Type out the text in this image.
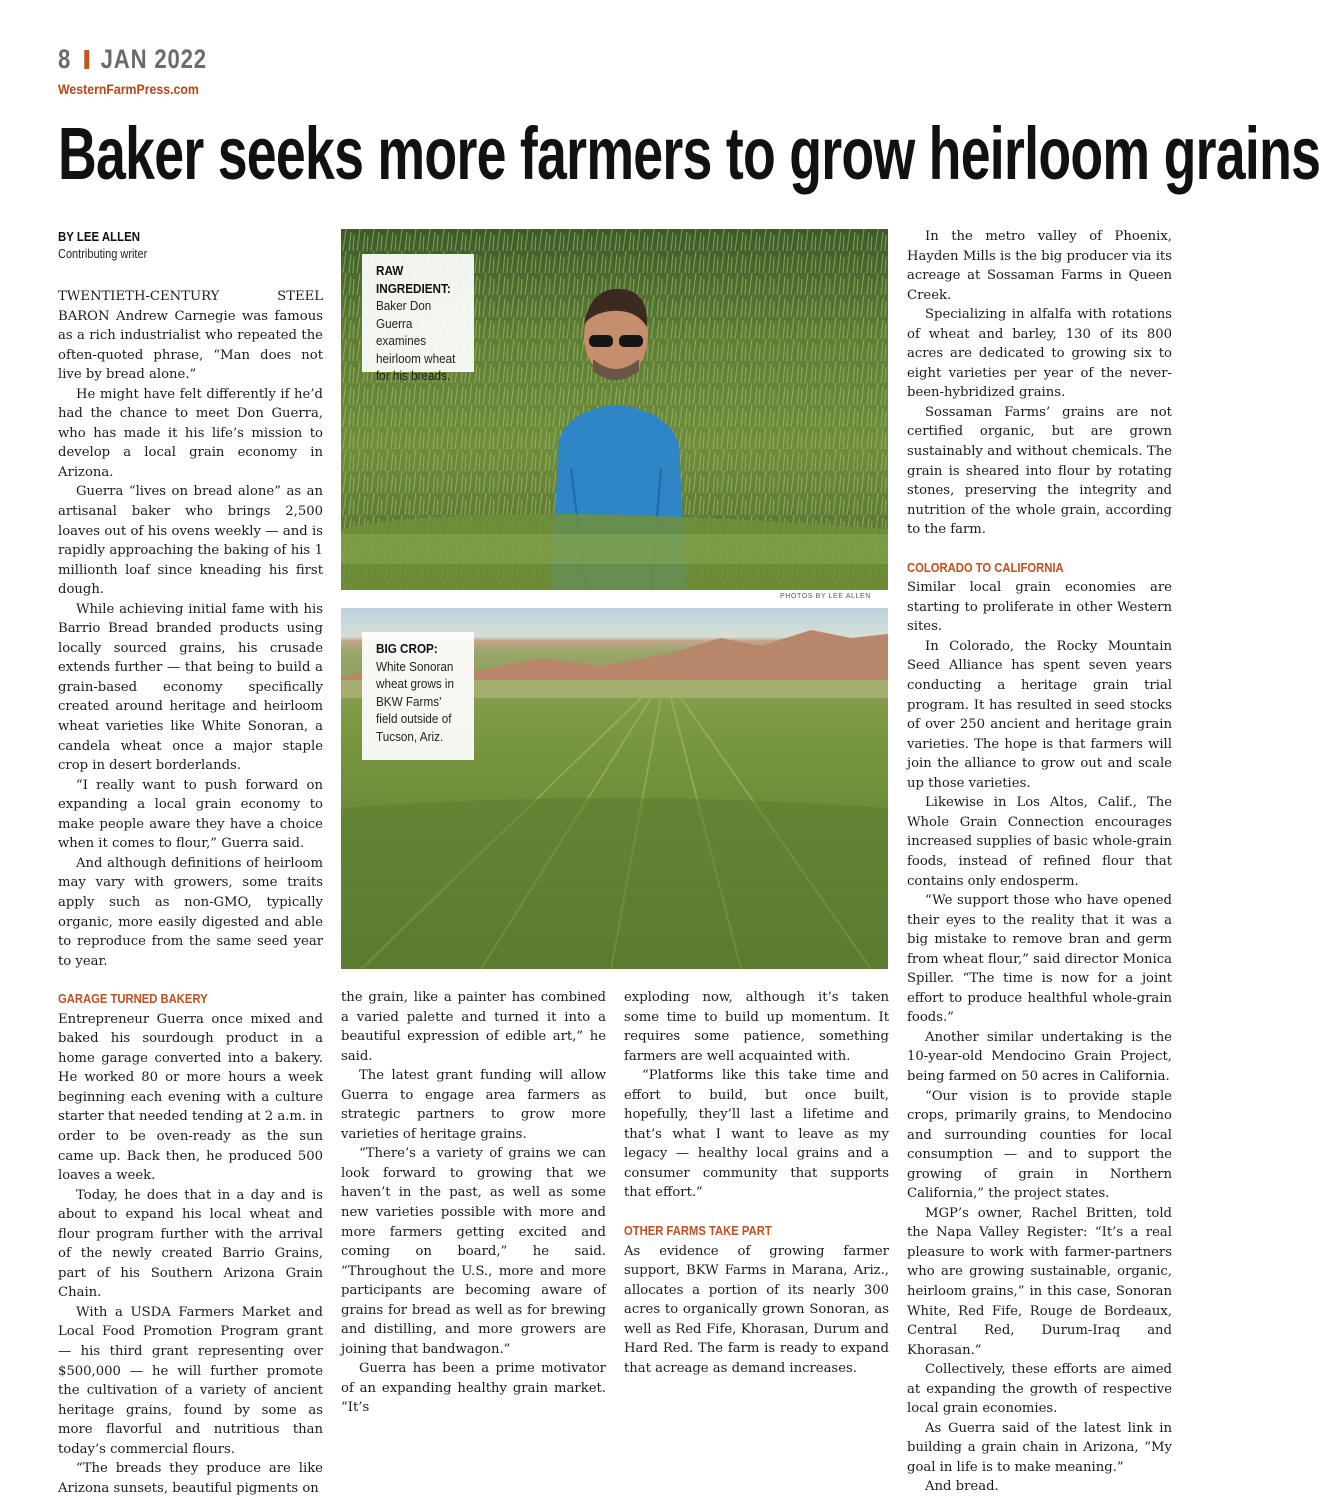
8 JAN 2022
WesternFarmPress.com
Baker seeks more farmers to grow heirloom grains
BY LEE ALLEN
Contributing writer

TWENTIETH-CENTURY STEEL BARON Andrew Carnegie was famous as a rich industrialist who repeated the often-quoted phrase, “Man does not live by bread alone.”

He might have felt differently if he’d had the chance to meet Don Guerra, who has made it his life’s mission to develop a local grain economy in Arizona.

Guerra “lives on bread alone” as an artisanal baker who brings 2,500 loaves out of his ovens weekly — and is rapidly approaching the baking of his 1 millionth loaf since kneading his first dough.

While achieving initial fame with his Barrio Bread branded products using locally sourced grains, his crusade extends further — that being to build a grain-based economy specifically created around heritage and heirloom wheat varieties like White Sonoran, a candela wheat once a major staple crop in desert borderlands.

“I really want to push forward on expanding a local grain economy to make people aware they have a choice when it comes to flour,” Guerra said.

And although definitions of heirloom may vary with growers, some traits apply such as non-GMO, typically organic, more easily digested and able to reproduce from the same seed year to year.

GARAGE TURNED BAKERY

Entrepreneur Guerra once mixed and baked his sourdough product in a home garage converted into a bakery. He worked 80 or more hours a week beginning each evening with a culture starter that needed tending at 2 a.m. in order to be oven-ready as the sun came up. Back then, he produced 500 loaves a week.

Today, he does that in a day and is about to expand his local wheat and flour program further with the arrival of the newly created Barrio Grains, part of his Southern Arizona Grain Chain.

With a USDA Farmers Market and Local Food Promotion Program grant — his third grant representing over $500,000 — he will further promote the cultivation of a variety of ancient heritage grains, found by some as more flavorful and nutritious than today’s commercial flours.

“The breads they produce are like Arizona sunsets, beautiful pigments on

RAW INGREDIENT:
Baker Don Guerra examines heirloom wheat for his breads.
PHOTOS BY LEE ALLEN
BIG CROP:
White Sonoran wheat grows in BKW Farms’ field outside of Tucson, Ariz.

the grain, like a painter has combined a varied palette and turned it into a beautiful expression of edible art,” he said.

The latest grant funding will allow Guerra to engage area farmers as strategic partners to grow more varieties of heritage grains.

“There’s a variety of grains we can look forward to growing that we haven’t in the past, as well as some new varieties possible with more and more farmers getting excited and coming on board,” he said. “Throughout the U.S., more and more participants are becoming aware of grains for bread as well as for brewing and distilling, and more growers are joining that bandwagon.”

Guerra has been a prime motivator of an expanding healthy grain market. “It’s

exploding now, although it’s taken some time to build up momentum. It requires some patience, something farmers are well acquainted with.

“Platforms like this take time and effort to build, but once built, hopefully, they’ll last a lifetime and that’s what I want to leave as my legacy — healthy local grains and a consumer community that supports that effort.”

OTHER FARMS TAKE PART

As evidence of growing farmer support, BKW Farms in Marana, Ariz., allocates a portion of its nearly 300 acres to organically grown Sonoran, as well as Red Fife, Khorasan, Durum and Hard Red. The farm is ready to expand that acreage as demand increases.

In the metro valley of Phoenix, Hayden Mills is the big producer via its acreage at Sossaman Farms in Queen Creek.

Specializing in alfalfa with rotations of wheat and barley, 130 of its 800 acres are dedicated to growing six to eight varieties per year of the never-been-hybridized grains.

Sossaman Farms’ grains are not certified organic, but are grown sustainably and without chemicals. The grain is sheared into flour by rotating stones, preserving the integrity and nutrition of the whole grain, according to the farm.

COLORADO TO CALIFORNIA

Similar local grain economies are starting to proliferate in other Western sites.

In Colorado, the Rocky Mountain Seed Alliance has spent seven years conducting a heritage grain trial program. It has resulted in seed stocks of over 250 ancient and heritage grain varieties. The hope is that farmers will join the alliance to grow out and scale up those varieties.

Likewise in Los Altos, Calif., The Whole Grain Connection encourages increased supplies of basic whole-grain foods, instead of refined flour that contains only endosperm.

“We support those who have opened their eyes to the reality that it was a big mistake to remove bran and germ from wheat flour,” said director Monica Spiller. “The time is now for a joint effort to produce healthful whole-grain foods.”

Another similar undertaking is the 10-year-old Mendocino Grain Project, being farmed on 50 acres in California.

“Our vision is to provide staple crops, primarily grains, to Mendocino and surrounding counties for local consumption — and to support the growing of grain in Northern California,” the project states.

MGP’s owner, Rachel Britten, told the Napa Valley Register: “It’s a real pleasure to work with farmer-partners who are growing sustainable, organic, heirloom grains,” in this case, Sonoran White, Red Fife, Rouge de Bordeaux, Central Red, Durum-Iraq and Khorasan.”

Collectively, these efforts are aimed at expanding the growth of respective local grain economies.

As Guerra said of the latest link in building a grain chain in Arizona, “My goal in life is to make meaning.”

And bread.
